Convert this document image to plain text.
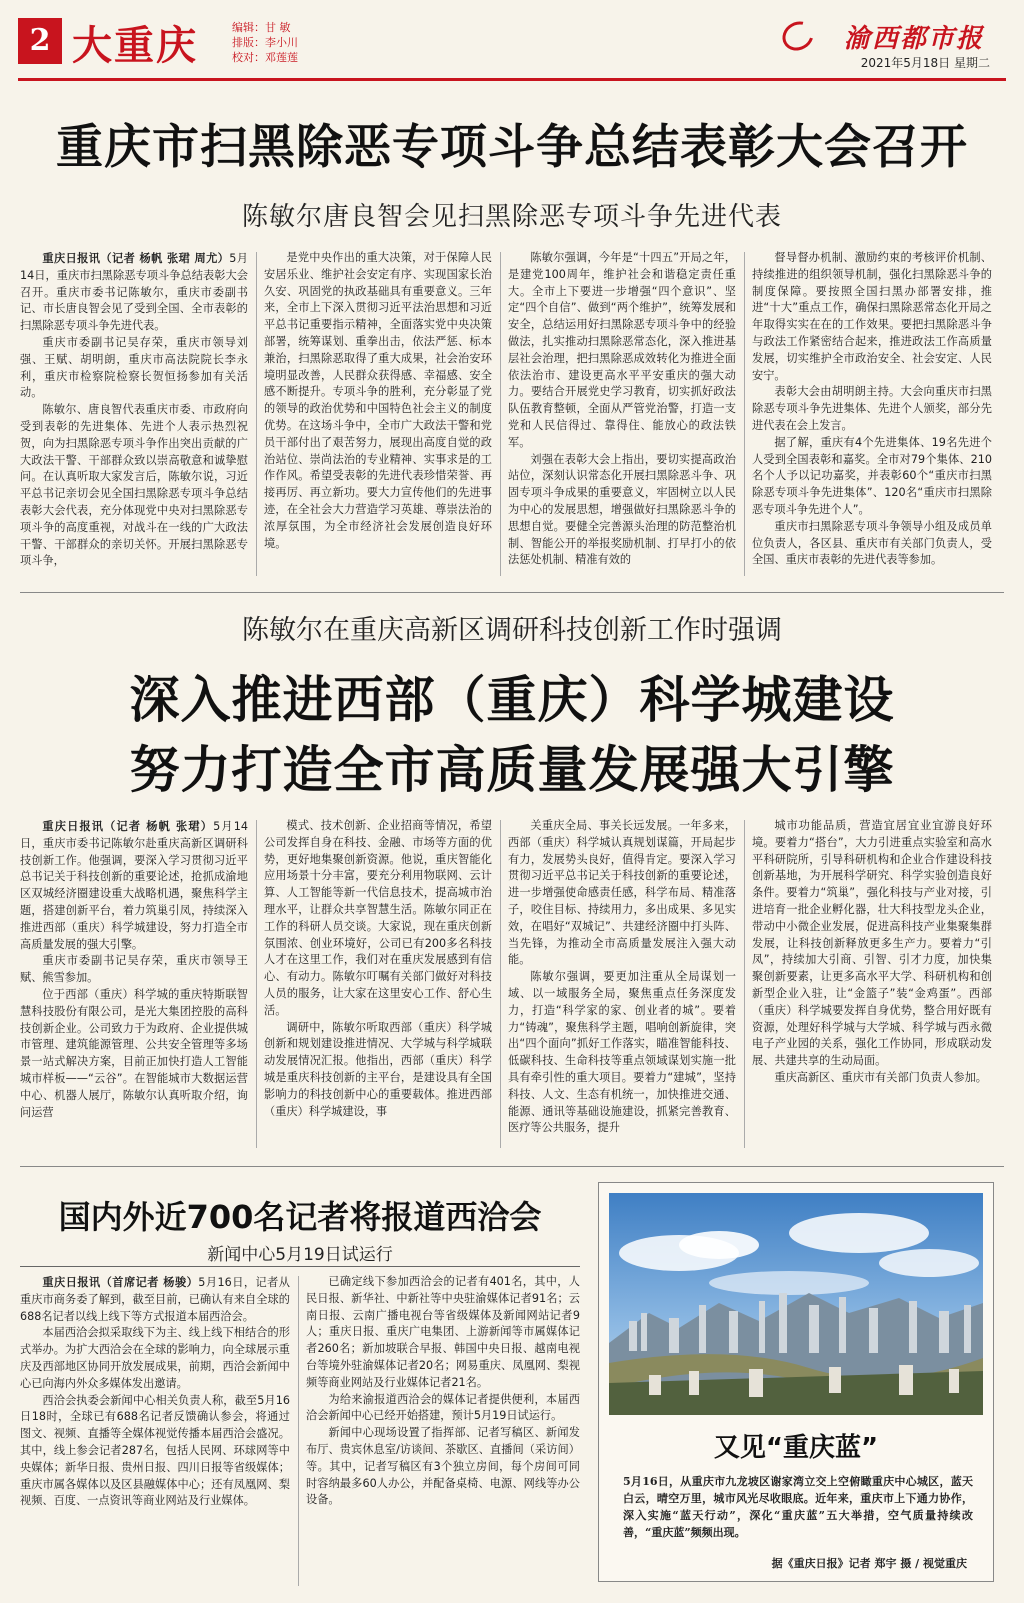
2 大重庆	编辑：甘 敏
排版：李小川
校对：邓莲莲
渝西都市报
2021年5月18日 星期二
重庆市扫黑除恶专项斗争总结表彰大会召开
陈敏尔唐良智会见扫黑除恶专项斗争先进代表

重庆日报讯（记者 杨帆 张珺 周尤）5月14日，重庆市扫黑除恶专项斗争总结表彰大会召开。重庆市委书记陈敏尔，重庆市委副书记、市长唐良智会见了受到全国、全市表彰的扫黑除恶专项斗争先进代表。

重庆市委副书记吴存荣，重庆市领导刘强、王赋、胡明朗，重庆市高法院院长李永利，重庆市检察院检察长贺恒扬参加有关活动。

陈敏尔、唐良智代表重庆市委、市政府向受到表彰的先进集体、先进个人表示热烈祝贺，向为扫黑除恶专项斗争作出突出贡献的广大政法干警、干部群众致以崇高敬意和诚挚慰问。在认真听取大家发言后，陈敏尔说，习近平总书记亲切会见全国扫黑除恶专项斗争总结表彰大会代表，充分体现党中央对扫黑除恶专项斗争的高度重视，对战斗在一线的广大政法干警、干部群众的亲切关怀。开展扫黑除恶专项斗争，

是党中央作出的重大决策，对于保障人民安居乐业、维护社会安定有序、实现国家长治久安、巩固党的执政基础具有重要意义。三年来，全市上下深入贯彻习近平法治思想和习近平总书记重要指示精神，全面落实党中央决策部署，统筹谋划、重拳出击，依法严惩、标本兼治，扫黑除恶取得了重大成果，社会治安环境明显改善，人民群众获得感、幸福感、安全感不断提升。专项斗争的胜利，充分彰显了党的领导的政治优势和中国特色社会主义的制度优势。在这场斗争中，全市广大政法干警和党员干部付出了艰苦努力，展现出高度自觉的政治站位、崇尚法治的专业精神、实事求是的工作作风。希望受表彰的先进代表珍惜荣誉、再接再厉、再立新功。要大力宣传他们的先进事迹，在全社会大力营造学习英雄、尊崇法治的浓厚氛围，为全市经济社会发展创造良好环境。

陈敏尔强调，今年是“十四五”开局之年，是建党100周年，维护社会和谐稳定责任重大。全市上下要进一步增强“四个意识”、坚定“四个自信”、做到“两个维护”，统筹发展和安全，总结运用好扫黑除恶专项斗争中的经验做法，扎实推动扫黑除恶常态化，深入推进基层社会治理，把扫黑除恶成效转化为推进全面依法治市、建设更高水平平安重庆的强大动力。要结合开展党史学习教育，切实抓好政法队伍教育整顿，全面从严管党治警，打造一支党和人民信得过、靠得住、能放心的政法铁军。

刘强在表彰大会上指出，要切实提高政治站位，深刻认识常态化开展扫黑除恶斗争、巩固专项斗争成果的重要意义，牢固树立以人民为中心的发展思想，增强做好扫黑除恶斗争的思想自觉。要健全完善源头治理的防范整治机制、智能公开的举报奖励机制、打早打小的依法惩处机制、精准有效的

督导督办机制、激励约束的考核评价机制、持续推进的组织领导机制，强化扫黑除恶斗争的制度保障。要按照全国扫黑办部署安排，推进“十大”重点工作，确保扫黑除恶常态化开局之年取得实实在在的工作效果。要把扫黑除恶斗争与政法工作紧密结合起来，推进政法工作高质量发展，切实维护全市政治安全、社会安定、人民安宁。

表彰大会由胡明朗主持。大会向重庆市扫黑除恶专项斗争先进集体、先进个人颁奖，部分先进代表在会上发言。

据了解，重庆有4个先进集体、19名先进个人受到全国表彰和嘉奖。全市对79个集体、210名个人予以记功嘉奖，并表彰60个“重庆市扫黑除恶专项斗争先进集体”、120名“重庆市扫黑除恶专项斗争先进个人”。

重庆市扫黑除恶专项斗争领导小组及成员单位负责人，各区县、重庆市有关部门负责人，受全国、重庆市表彰的先进代表等参加。

陈敏尔在重庆高新区调研科技创新工作时强调
深入推进西部（重庆）科学城建设
努力打造全市高质量发展强大引擎

重庆日报讯（记者 杨帆 张珺）5月14日，重庆市委书记陈敏尔赴重庆高新区调研科技创新工作。他强调，要深入学习贯彻习近平总书记关于科技创新的重要论述，抢抓成渝地区双城经济圈建设重大战略机遇，聚焦科学主题，搭建创新平台，着力筑巢引凤，持续深入推进西部（重庆）科学城建设，努力打造全市高质量发展的强大引擎。

重庆市委副书记吴存荣，重庆市领导王赋、熊雪参加。

位于西部（重庆）科学城的重庆特斯联智慧科技股份有限公司，是光大集团控股的高科技创新企业。公司致力于为政府、企业提供城市管理、建筑能源管理、公共安全管理等多场景一站式解决方案，目前正加快打造人工智能城市样板——“云谷”。在智能城市大数据运营中心、机器人展厅，陈敏尔认真听取介绍，询问运营

模式、技术创新、企业招商等情况，希望公司发挥自身在科技、金融、市场等方面的优势，更好地集聚创新资源。他说，重庆智能化应用场景十分丰富，要充分利用物联网、云计算、人工智能等新一代信息技术，提高城市治理水平，让群众共享智慧生活。陈敏尔同正在工作的科研人员交谈。大家说，现在重庆创新氛围浓、创业环境好，公司已有200多名科技人才在这里工作，我们对在重庆发展感到有信心、有动力。陈敏尔叮嘱有关部门做好对科技人员的服务，让大家在这里安心工作、舒心生活。

调研中，陈敏尔听取西部（重庆）科学城创新和规划建设推进情况、大学城与科学城联动发展情况汇报。他指出，西部（重庆）科学城是重庆科技创新的主平台，是建设具有全国影响力的科技创新中心的重要载体。推进西部（重庆）科学城建设，事

关重庆全局、事关长远发展。一年多来，西部（重庆）科学城认真规划谋篇，开局起步有力，发展势头良好，值得肯定。要深入学习贯彻习近平总书记关于科技创新的重要论述，进一步增强使命感责任感，科学布局、精准落子，咬住目标、持续用力，多出成果、多见实效，在唱好“双城记”、共建经济圈中打头阵、当先锋，为推动全市高质量发展注入强大动能。

陈敏尔强调，要更加注重从全局谋划一域、以一域服务全局，聚焦重点任务深度发力，打造“科学家的家、创业者的城”。要着力“铸魂”，聚焦科学主题，唱响创新旋律，突出“四个面向”抓好工作落实，瞄准智能科技、低碳科技、生命科技等重点领域谋划实施一批具有牵引性的重大项目。要着力“建城”，坚持科技、人文、生态有机统一，加快推进交通、能源、通讯等基础设施建设，抓紧完善教育、医疗等公共服务，提升

城市功能品质，营造宜居宜业宜游良好环境。要着力“搭台”，大力引进重点实验室和高水平科研院所，引导科研机构和企业合作建设科技创新基地，为开展科学研究、科学实验创造良好条件。要着力“筑巢”，强化科技与产业对接，引进培育一批企业孵化器，壮大科技型龙头企业，带动中小微企业发展，促进高科技产业集聚集群发展，让科技创新释放更多生产力。要着力“引凤”，持续加大引商、引智、引才力度，加快集聚创新要素，让更多高水平大学、科研机构和创新型企业入驻，让“金篮子”装“金鸡蛋”。西部（重庆）科学城要发挥自身优势，整合用好既有资源，处理好科学城与大学城、科学城与西永微电子产业园的关系，强化工作协同，形成联动发展、共建共享的生动局面。

重庆高新区、重庆市有关部门负责人参加。

国内外近700名记者将报道西洽会
新闻中心5月19日试运行

重庆日报讯（首席记者 杨骏）5月16日，记者从重庆市商务委了解到，截至目前，已确认有来自全球的688名记者以线上线下等方式报道本届西洽会。

本届西洽会拟采取线下为主、线上线下相结合的形式举办。为扩大西洽会在全球的影响力，向全球展示重庆及西部地区协同开放发展成果，前期，西洽会新闻中心已向海内外众多媒体发出邀请。

西洽会执委会新闻中心相关负责人称，截至5月16日18时，全球已有688名记者反馈确认参会，将通过图文、视频、直播等全媒体视觉传播本届西洽会盛况。其中，线上参会记者287名，包括人民网、环球网等中央媒体；新华日报、贵州日报、四川日报等省级媒体；重庆市属各媒体以及区县融媒体中心；还有凤凰网、梨视频、百度、一点资讯等商业网站及行业媒体。

已确定线下参加西洽会的记者有401名，其中，人民日报、新华社、中新社等中央驻渝媒体记者91名；云南日报、云南广播电视台等省级媒体及新闻网站记者9人；重庆日报、重庆广电集团、上游新闻等市属媒体记者260名；新加坡联合早报、韩国中央日报、越南电视台等境外驻渝媒体记者20名；网易重庆、凤凰网、梨视频等商业网站及行业媒体记者21名。

为给来渝报道西洽会的媒体记者提供便利，本届西洽会新闻中心已经开始搭建，预计5月19日试运行。

新闻中心现场设置了指挥部、记者写稿区、新闻发布厅、贵宾休息室/访谈间、茶歇区、直播间（采访间）等。其中，记者写稿区有3个独立房间，每个房间可同时容纳最多60人办公，并配备桌椅、电源、网线等办公设备。

又见“重庆蓝”
5月16日，从重庆市九龙坡区谢家湾立交上空俯瞰重庆中心城区，蓝天白云，晴空万里，城市风光尽收眼底。近年来，重庆市上下通力协作，深入实施“蓝天行动”，深化“重庆蓝”五大举措，空气质量持续改善，“重庆蓝”频频出现。
据《重庆日报》记者 郑宇 摄 / 视觉重庆
